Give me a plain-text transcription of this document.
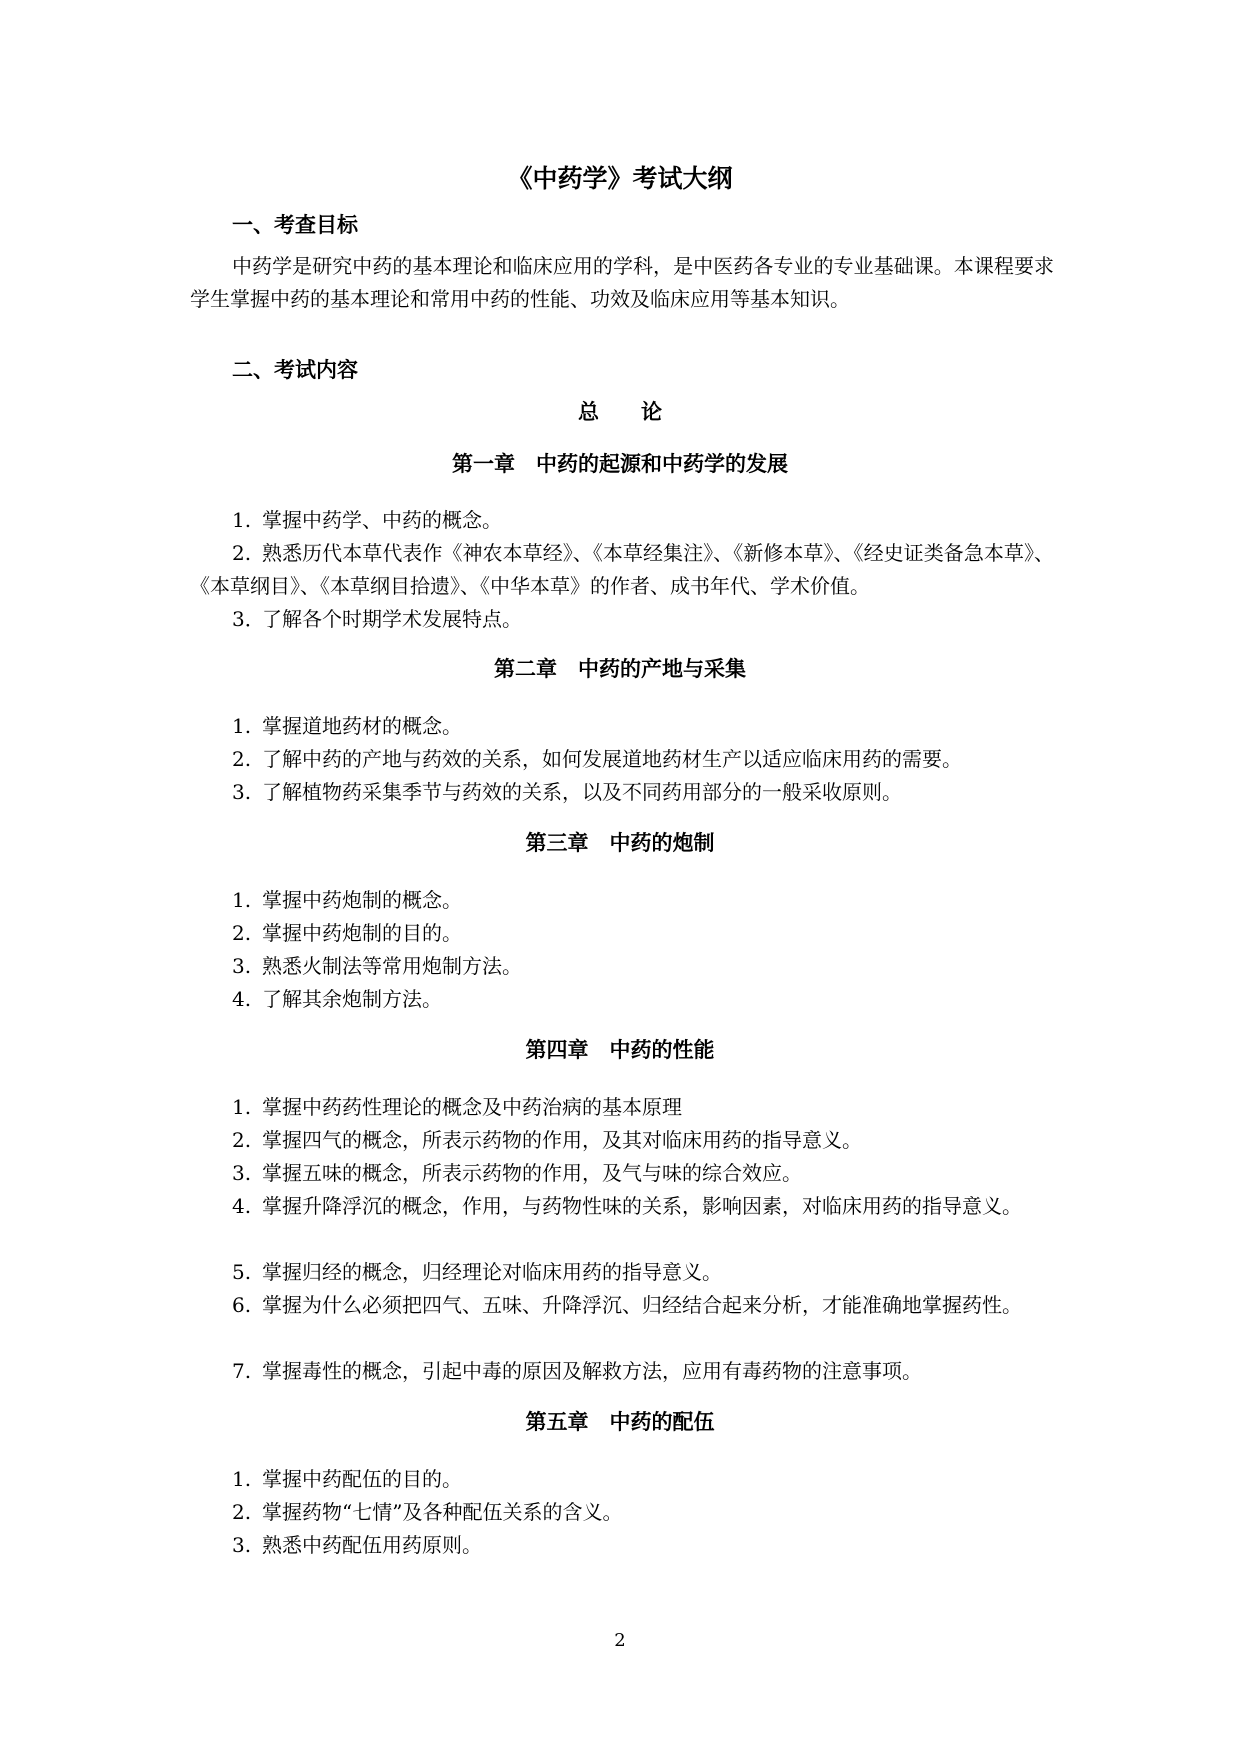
《中药学》考试大纲
一、考查目标
中药学是研究中药的基本理论和临床应用的学科，是中医药各专业的专业基础课。本课程要求学生掌握中药的基本理论和常用中药的性能、功效及临床应用等基本知识。
二、考试内容
总　　论
第一章　中药的起源和中药学的发展
1. 掌握中药学、中药的概念。
2. 熟悉历代本草代表作《神农本草经》、《本草经集注》、《新修本草》、《经史证类备急本草》、《本草纲目》、《本草纲目拾遗》、《中华本草》的作者、成书年代、学术价值。
3．了解各个时期学术发展特点。
第二章　中药的产地与采集
1. 掌握道地药材的概念。
2. 了解中药的产地与药效的关系，如何发展道地药材生产以适应临床用药的需要。
3. 了解植物药采集季节与药效的关系，以及不同药用部分的一般采收原则。
第三章　中药的炮制
1. 掌握中药炮制的概念。
2. 掌握中药炮制的目的。
3. 熟悉火制法等常用炮制方法。
4. 了解其余炮制方法。
第四章　中药的性能
1. 掌握中药药性理论的概念及中药治病的基本原理
2. 掌握四气的概念，所表示药物的作用，及其对临床用药的指导意义。
3. 掌握五味的概念，所表示药物的作用，及气与味的综合效应。
4. 掌握升降浮沉的概念，作用，与药物性味的关系，影响因素，对临床用药的指导意义。
5. 掌握归经的概念，归经理论对临床用药的指导意义。
6. 掌握为什么必须把四气、五味、升降浮沉、归经结合起来分析，才能准确地掌握药性。
7. 掌握毒性的概念，引起中毒的原因及解救方法，应用有毒药物的注意事项。
第五章　中药的配伍
1. 掌握中药配伍的目的。
2. 掌握药物“七情”及各种配伍关系的含义。
3. 熟悉中药配伍用药原则。
2
